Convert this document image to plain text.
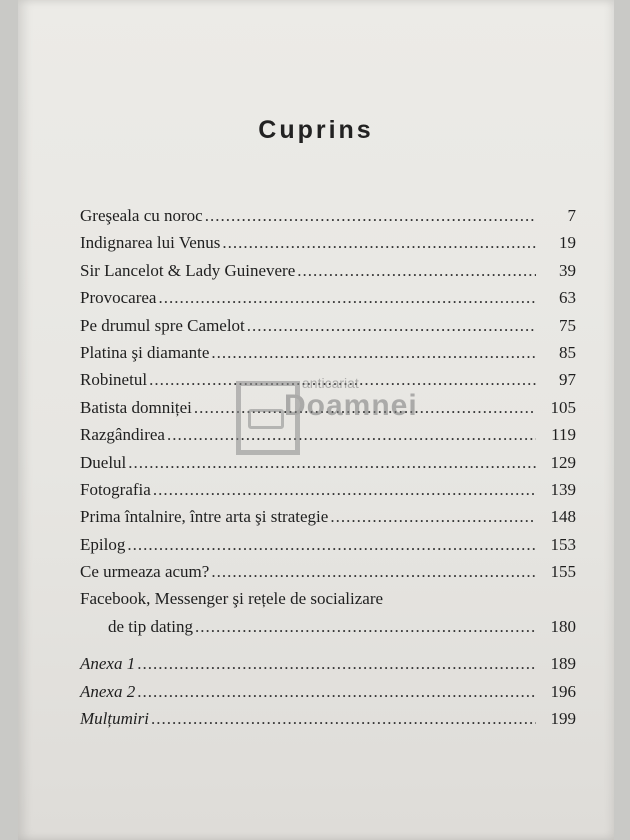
Cuprins
Greşeala cu noroc .....	7
Indignarea lui Venus .....	19
Sir Lancelot & Lady Guinevere .....	39
Provocarea .....	63
Pe drumul spre Camelot .....	75
Platina şi diamante .....	85
Robinetul .....	97
Batista domniței .....	105
Razgândirea .....	119
Duelul .....	129
Fotografia .....	139
Prima întalnire, între arta şi strategie .....	148
Epilog .....	153
Ce urmeaza acum? .....	155
Facebook, Messenger şi rețele de socializare
de tip dating .....	180
Anexa 1 .....	189
Anexa 2 .....	196
Mulțumiri .....	199
anticariat
Doamnei
